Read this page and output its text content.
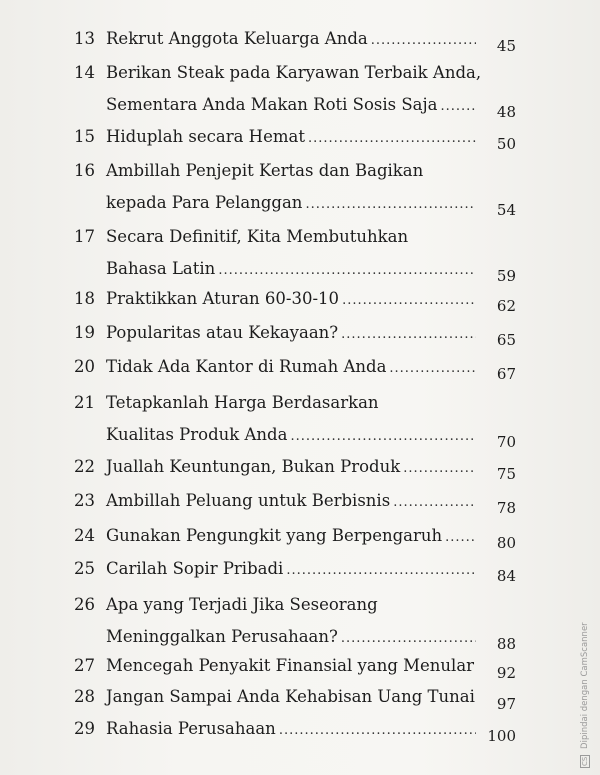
13 Rekrut Anggota Keluarga Anda .....	45
14 Berikan Steak pada Karyawan Terbaik Anda,
Sementara Anda Makan Roti Sosis Saja .....	48
15 Hiduplah secara Hemat .....	50
16 Ambillah Penjepit Kertas dan Bagikan
kepada Para Pelanggan .....	54
17 Secara Definitif, Kita Membutuhkan
Bahasa Latin .....	59
18 Praktikkan Aturan 60-30-10 .....	62
19 Popularitas atau Kekayaan? .....	65
20 Tidak Ada Kantor di Rumah Anda .....	67
21 Tetapkanlah Harga Berdasarkan
Kualitas Produk Anda .....	70
22 Juallah Keuntungan, Bukan Produk .....	75
23 Ambillah Peluang untuk Berbisnis .....	78
24 Gunakan Pengungkit yang Berpengaruh .....	80
25 Carilah Sopir Pribadi .....	84
26 Apa yang Terjadi Jika Seseorang
Meninggalkan Perusahaan? .....	88
27 Mencegah Penyakit Finansial yang Menular	92
28 Jangan Sampai Anda Kehabisan Uang Tunai	97
29 Rahasia Perusahaan .....	100
CS Dipindai dengan CamScanner
